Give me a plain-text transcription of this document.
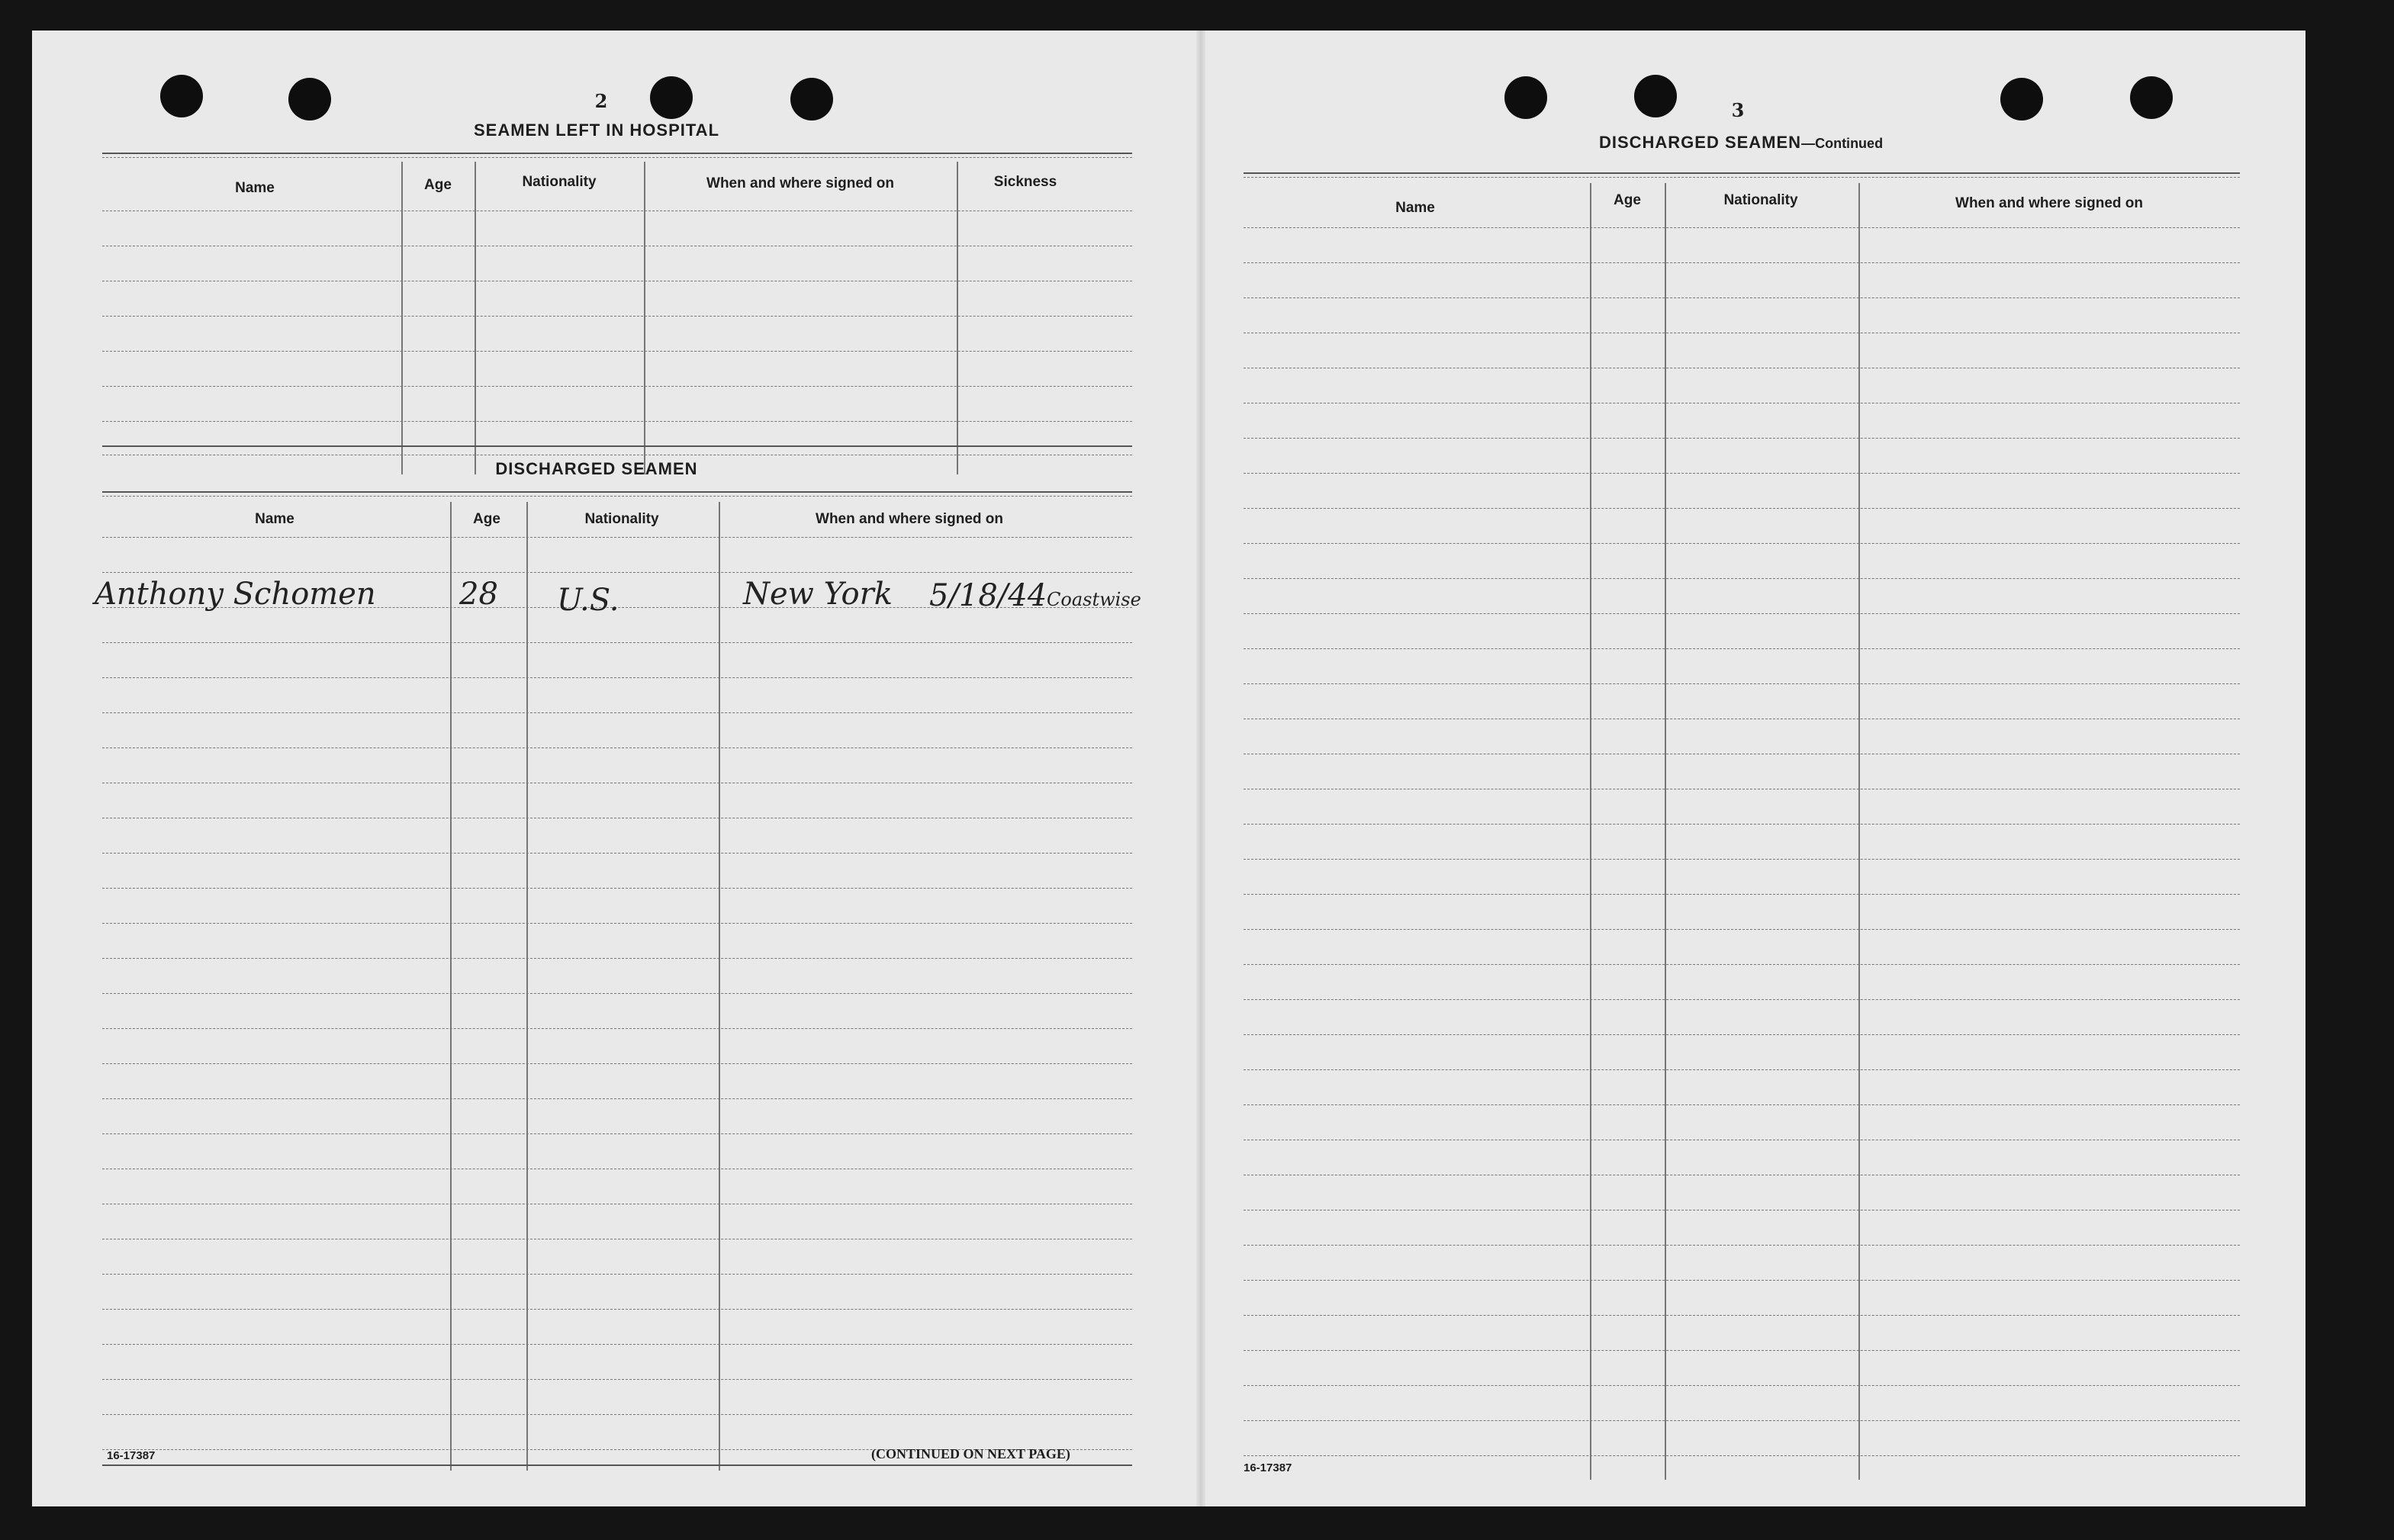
2
SEAMEN LEFT IN HOSPITAL
Name	Age	Nationality	When and where signed on	Sickness
DISCHARGED SEAMEN
Name	Age	Nationality	When and where signed on
Anthony Schomen	28 U.S.	New York 5/18/44 Coastwise
16-17387	(CONTINUED ON NEXT PAGE)
3
DISCHARGED SEAMEN—Continued
Name	Age	Nationality	When and where signed on
16-17387
